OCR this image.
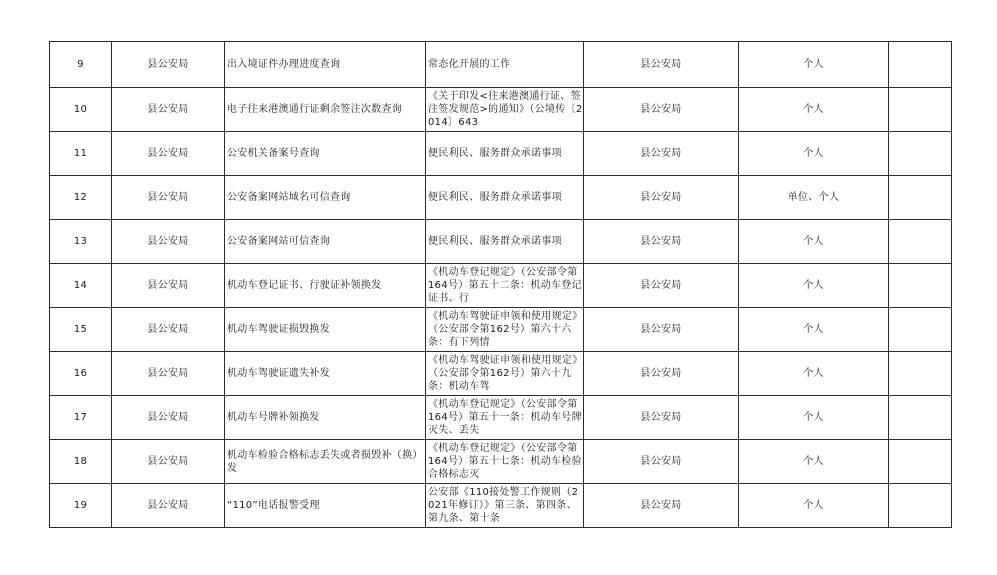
9	县公安局	出入境证件办理进度查询	常态化开展的工作	县公安局	个人	

10	县公安局	电子往来港澳通行证剩余签注次数查询	《关于印发<往来港澳通行证、签注签发规范>的通知》（公境传〔2014〕643	县公安局	个人	

11	县公安局	公安机关备案号查询	便民利民、服务群众承诺事项	县公安局	个人	

12	县公安局	公安备案网站域名可信查询	便民利民、服务群众承诺事项	县公安局	单位、个人	

13	县公安局	公安备案网站可信查询	便民利民、服务群众承诺事项	县公安局	个人	

14	县公安局	机动车登记证书、行驶证补领换发	《机动车登记规定》（公安部令第164号）第五十二条：机动车登记证书、行	县公安局	个人	

15	县公安局	机动车驾驶证损毁换发	《机动车驾驶证申领和使用规定》（公安部令第162号）第六十六条：有下列情	县公安局	个人	

16	县公安局	机动车驾驶证遗失补发	《机动车驾驶证申领和使用规定》（公安部令第162号）第六十九条：机动车驾	县公安局	个人	

17	县公安局	机动车号牌补领换发	《机动车登记规定》（公安部令第164号）第五十一条：机动车号牌灭失、丢失	县公安局	个人	

18	县公安局	机动车检验合格标志丢失或者损毁补（换）发	《机动车登记规定》（公安部令第164号）第五十七条：机动车检验合格标志灭	县公安局	个人	

19	县公安局	“110”电话报警受理	公安部《110接处警工作规则（2021年修订）》第三条、第四条、第九条、第十条	县公安局	个人	
